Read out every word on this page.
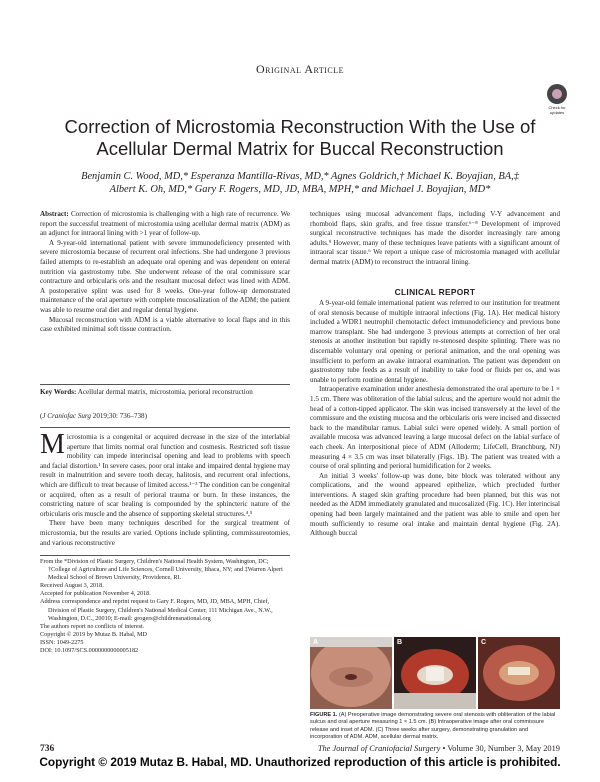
Original Article
Check for updates
Correction of Microstomia Reconstruction With the Use of Acellular Dermal Matrix for Buccal Reconstruction
Benjamin C. Wood, MD,* Esperanza Mantilla-Rivas, MD,* Agnes Goldrich,† Michael K. Boyajian, BA,‡
Albert K. Oh, MD,* Gary F. Rogers, MD, JD, MBA, MPH,* and Michael J. Boyajian, MD*

Abstract: Correction of microstomia is challenging with a high rate of recurrence. We report the successful treatment of microstomia using acellular dermal matrix (ADM) as an adjunct for intraoral lining with >1 year of follow-up.

A 9-year-old international patient with severe immunodeficiency presented with severe microstomia because of recurrent oral infections. She had undergone 3 previous failed attempts to re-establish an adequate oral opening and was dependent on enteral nutrition via gastrostomy tube. She underwent release of the oral commissure scar contracture and orbicularis oris and the resultant mucosal defect was lined with ADM. A postoperative splint was used for 8 weeks. One-year follow-up demonstrated maintenance of the oral aperture with complete mucosalization of the ADM; the patient was able to resume oral diet and regular dental hygiene.

Mucosal reconstruction with ADM is a viable alternative to local flaps and in this case exhibited minimal soft tissue contraction.

Key Words: Acellular dermal matrix, microstomia, perioral reconstruction
(J Craniofac Surg 2019;30: 736–738)

Microstomia is a congenital or acquired decrease in the size of the interlabial aperture that limits normal oral function and cosmesis. Restricted soft tissue mobility can impede interincisal opening and lead to problems with speech and facial distortion.¹ In severe cases, poor oral intake and impaired dental hygiene may result in malnutrition and severe tooth decay, halitosis, and recurrent oral infections, which are difficult to treat because of limited access.¹⁻³ The condition can be congenital or acquired, often as a result of perioral trauma or burn. In these instances, the constricting nature of scar healing is compounded by the sphincteric nature of the orbicularis oris muscle and the absence of supporting skeletal structures.⁴,⁵

There have been many techniques described for the surgical treatment of microstomia, but the results are varied. Options include splinting, commissureotomies, and various reconstructive

From the *Division of Plastic Surgery, Children's National Health System, Washington, DC; †College of Agriculture and Life Sciences, Cornell University, Ithaca, NY; and ‡Warren Alpert Medical School of Brown University, Providence, RI.

Received August 3, 2018.

Accepted for publication November 4, 2018.

Address correspondence and reprint request to Gary F. Rogers, MD, JD, MBA, MPH, Chief, Division of Plastic Surgery, Children's National Medical Center, 111 Michigan Ave., N.W., Washington, D.C., 20010; E-mail: grogers@childrensnational.org

The authors report no conflicts of interest.

Copyright © 2019 by Mutaz B. Habal, MD

ISSN: 1049-2275

DOI: 10.1097/SCS.0000000000005182

techniques using mucosal advancement flaps, including V-Y advancement and rhomboid flaps, skin grafts, and free tissue transfer.⁶⁻⁸ Development of improved surgical reconstructive techniques has made the disorder increasingly rare among adults.⁹ However, many of these techniques leave patients with a significant amount of intraoral scar tissue.⁶ We report a unique case of microstomia managed with acellular dermal matrix (ADM) to reconstruct the intraoral lining.

CLINICAL REPORT

A 9-year-old female international patient was referred to our institution for treatment of oral stenosis because of multiple intraoral infections (Fig. 1A). Her medical history included a WDR1 neutrophil chemotactic defect immunodeficiency and previous bone marrow transplant. She had undergone 3 previous attempts at correction of her oral stenosis at another institution but rapidly re-stenosed despite splinting. There was no discernable voluntary oral opening or perioral animation, and the oral opening was insufficient to perform an awake intraoral examination. The patient was dependent on gastrostomy tube feeds as a result of inability to take food or fluids per os, and was unable to perform routine dental hygiene.

Intraoperative examination under anesthesia demonstrated the oral aperture to be 1 × 1.5 cm. There was obliteration of the labial sulcus, and the aperture would not admit the head of a cotton-tipped applicator. The skin was incised transversely at the level of the commissure and the existing mucosa and the orbicularis oris were incised and dissected back to the mandibular ramus. Labial sulci were opened widely. A small portion of available mucosa was advanced leaving a large mucosal defect on the labial surface of each cheek. An interpositional piece of ADM (Alloderm; LifeCell, Branchburg, NJ) measuring 4 × 3.5 cm was inset bilaterally (Figs. 1B). The patient was treated with a course of oral splinting and perioral humidification for 2 weeks.

An initial 3 weeks' follow-up was done, bite block was tolerated without any complications, and the wound appeared epithelize, which precluded further interventions. A staged skin grafting procedure had been planned, but this was not needed as the ADM immediately granulated and mucosalized (Fig. 1C). Her interincisal opening had been largely maintained and the patient was able to smile and open her mouth sufficiently to resume oral intake and maintain dental hygiene (Fig. 2A). Although buccal

A	B	C
FIGURE 1. (A) Preoperative image demonstrating severe oral stenosis with obliteration of the labial sulcus and oral aperture measuring 1 × 1.5 cm. (B) Intraoperative image after oral commissure release and inset of ADM. (C) Three weeks after surgery, demonstrating granulation and incorporation of ADM. ADM, acellular dermal matrix.
736	The Journal of Craniofacial Surgery • Volume 30, Number 3, May 2019
Copyright © 2019 Mutaz B. Habal, MD. Unauthorized reproduction of this article is prohibited.
